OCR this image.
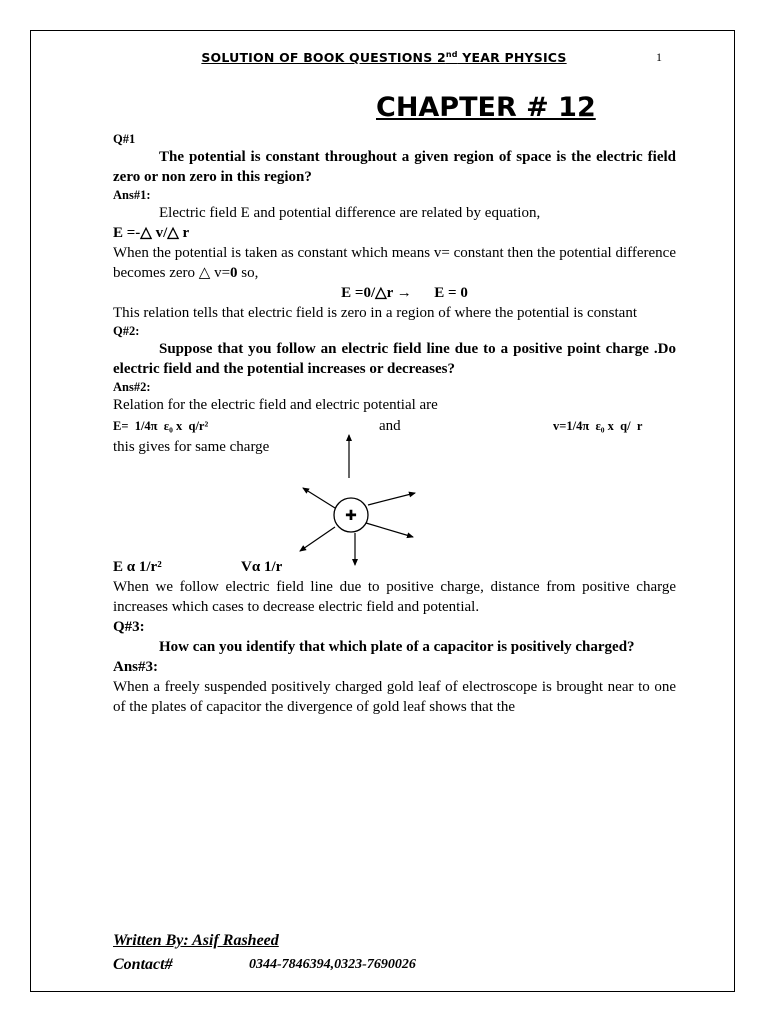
SOLUTION OF BOOK QUESTIONS 2nd YEAR PHYSICS	1
CHAPTER # 12
Q#1
The potential is constant throughout a given region of space is the electric field zero or non zero in this region?
Ans#1:
Electric field E and potential difference are related by equation,
E =-△ v/△ r
When the potential is taken as constant which means v= constant then the potential difference becomes zero △ v=0 so,
E =0/△r →      E = 0
This relation tells that electric field is zero in a region of where the potential is constant
Q#2:
Suppose that you follow an electric field line due to a positive point charge .Do electric field and the potential increases or decreases?
Ans#2:
Relation for the electric field and electric potential are
E=  1/4π  ε₀ x  q/r²	and	v=1/4π  ε₀ x  q/  r
this gives for same charge
✚
E α 1/r²	Vα 1/r
When we follow electric field line due to positive charge, distance from positive charge increases which cases to decrease electric field and potential.
Q#3:
How can you identify that which plate of a capacitor is positively charged?
Ans#3:
When a freely suspended positively charged gold leaf of electroscope is brought near to one of the plates of capacitor the divergence of gold leaf shows that the
Written By: Asif Rasheed
Contact#	0344-7846394,0323-7690026
